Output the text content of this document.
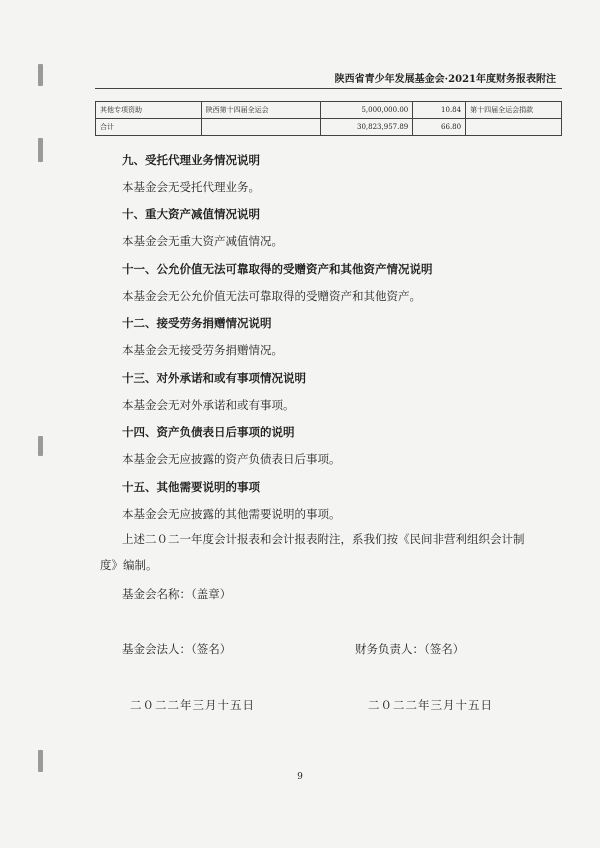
陕西省青少年发展基金会·2021年度财务报表附注
其他专项资助	陕西第十四届全运会	5,000,000.00	10.84	第十四届全运会捐款
合计		30,823,957.89	66.80	
九、受托代理业务情况说明
本基金会无受托代理业务。
十、重大资产减值情况说明
本基金会无重大资产减值情况。
十一、公允价值无法可靠取得的受赠资产和其他资产情况说明
本基金会无公允价值无法可靠取得的受赠资产和其他资产。
十二、接受劳务捐赠情况说明
本基金会无接受劳务捐赠情况。
十三、对外承诺和或有事项情况说明
本基金会无对外承诺和或有事项。
十四、资产负债表日后事项的说明
本基金会无应披露的资产负债表日后事项。
十五、其他需要说明的事项
本基金会无应披露的其他需要说明的事项。
上述二０二一年度会计报表和会计报表附注，系我们按《民间非营利组织会计制
度》编制。
基金会名称：（盖章）
基金会法人：（签名）	财务负责人：（签名）
二０二二年三月十五日	二０二二年三月十五日
9
